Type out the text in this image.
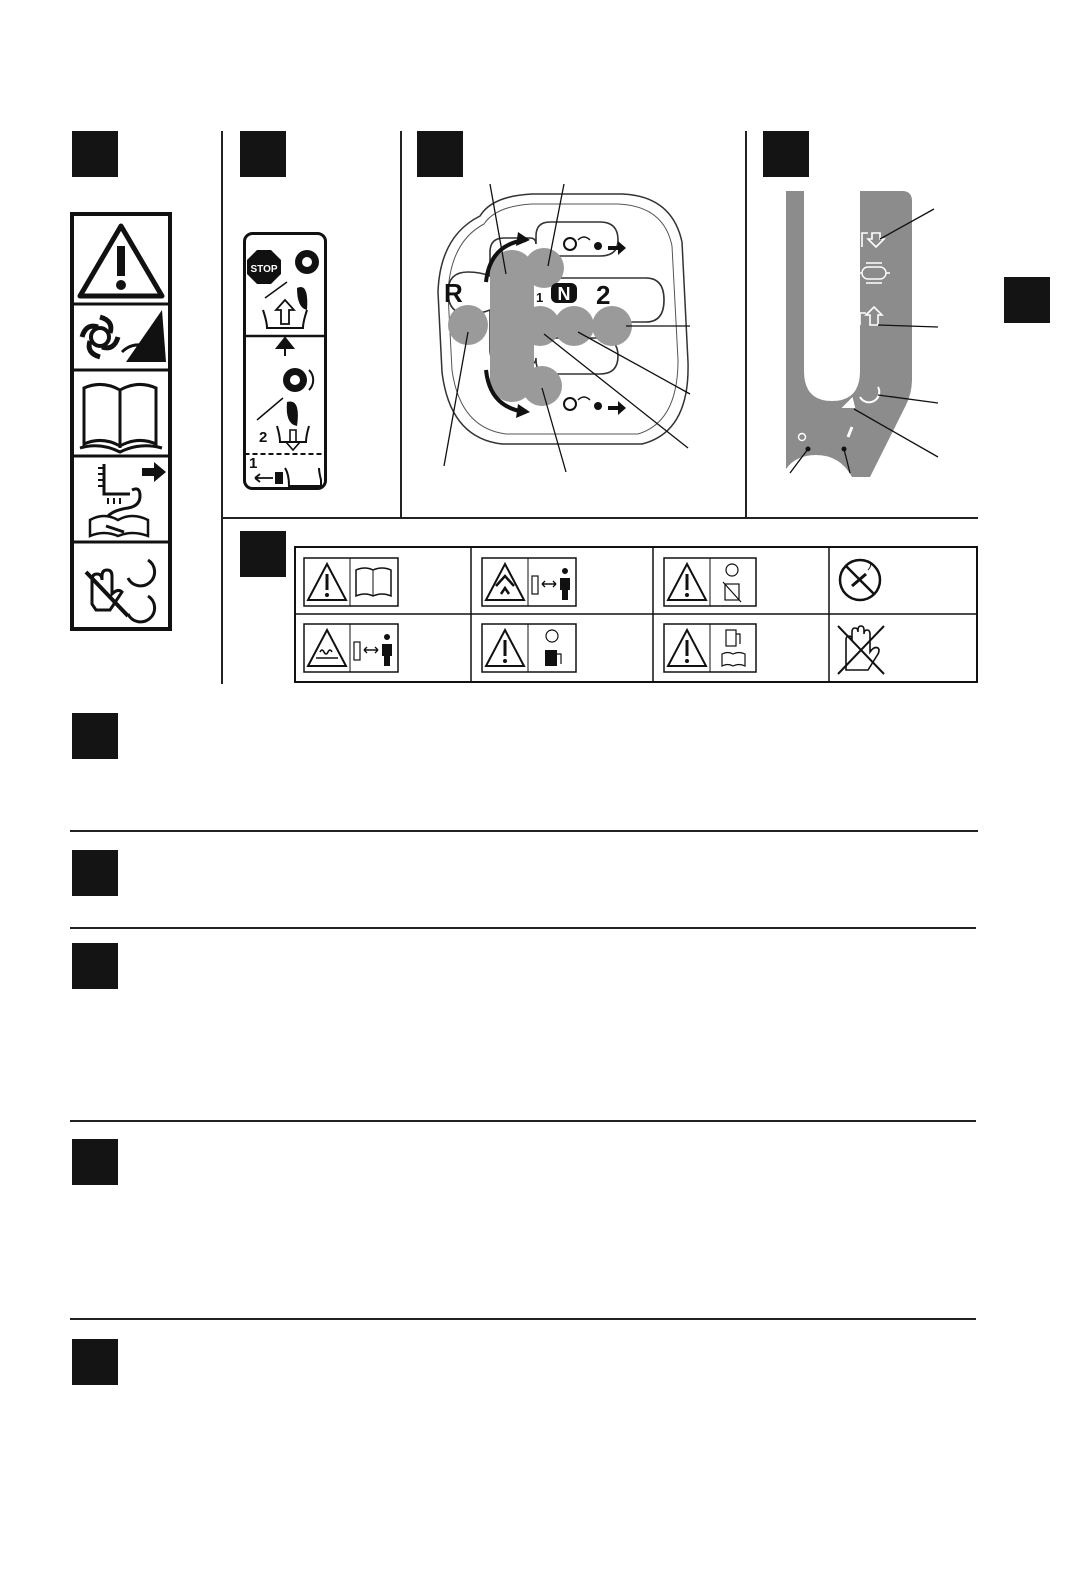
STOP
2
1
R	1 N 2
